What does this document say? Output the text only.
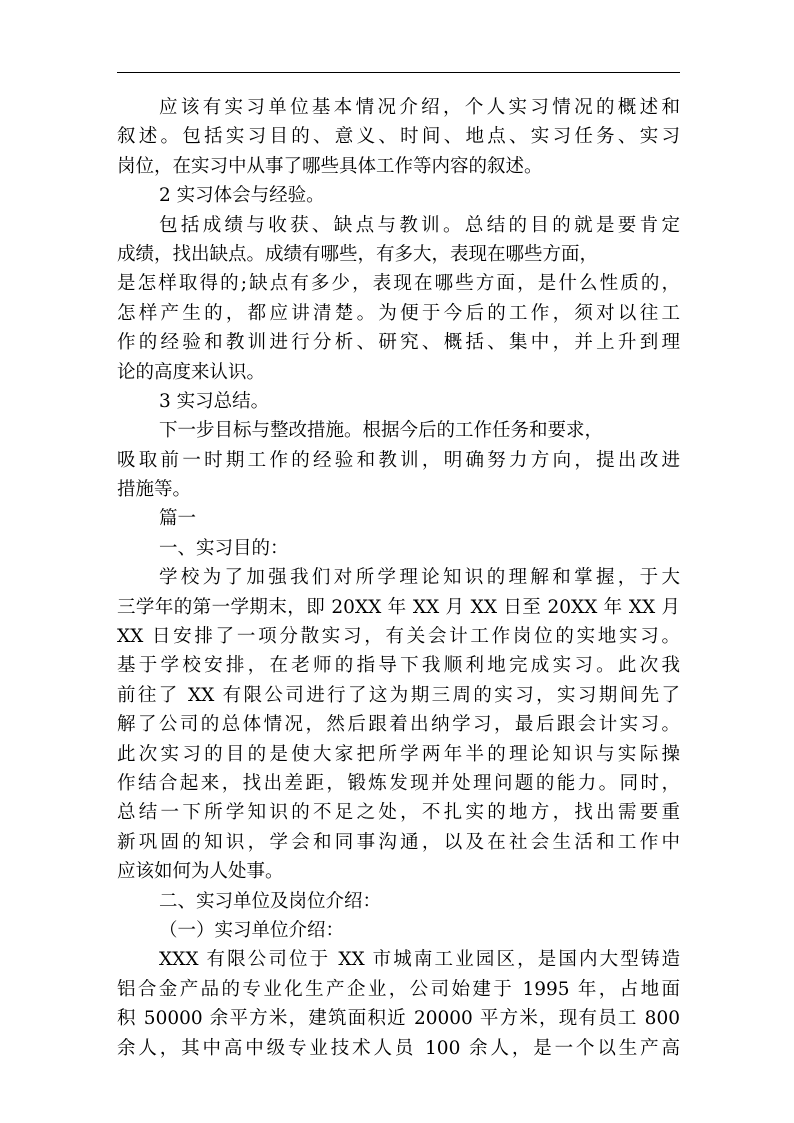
应该有实习单位基本情况介绍，个人实习情况的概述和
叙述。包括实习目的、意义、时间、地点、实习任务、实习
岗位，在实习中从事了哪些具体工作等内容的叙述。
2 实习体会与经验。
包括成绩与收获、缺点与教训。总结的目的就是要肯定
成绩，找出缺点。成绩有哪些，有多大，表现在哪些方面，
是怎样取得的;缺点有多少，表现在哪些方面，是什么性质的，
怎样产生的，都应讲清楚。为便于今后的工作，须对以往工
作的经验和教训进行分析、研究、概括、集中，并上升到理
论的高度来认识。
3 实习总结。
下一步目标与整改措施。根据今后的工作任务和要求，
吸取前一时期工作的经验和教训，明确努力方向，提出改进
措施等。
篇一
一、实习目的：
学校为了加强我们对所学理论知识的理解和掌握，于大
三学年的第一学期末，即 20XX 年 XX 月 XX 日至 20XX 年 XX 月
XX 日安排了一项分散实习，有关会计工作岗位的实地实习。
基于学校安排，在老师的指导下我顺利地完成实习。此次我
前往了 XX 有限公司进行了这为期三周的实习，实习期间先了
解了公司的总体情况，然后跟着出纳学习，最后跟会计实习。
此次实习的目的是使大家把所学两年半的理论知识与实际操
作结合起来，找出差距，锻炼发现并处理问题的能力。同时，
总结一下所学知识的不足之处，不扎实的地方，找出需要重
新巩固的知识，学会和同事沟通，以及在社会生活和工作中
应该如何为人处事。
二、实习单位及岗位介绍：
（一）实习单位介绍：
XXX 有限公司位于 XX 市城南工业园区，是国内大型铸造
铝合金产品的专业化生产企业，公司始建于 1995 年，占地面
积 50000 余平方米，建筑面积近 20000 平方米，现有员工 800
余人，其中高中级专业技术人员 100 余人，是一个以生产高
